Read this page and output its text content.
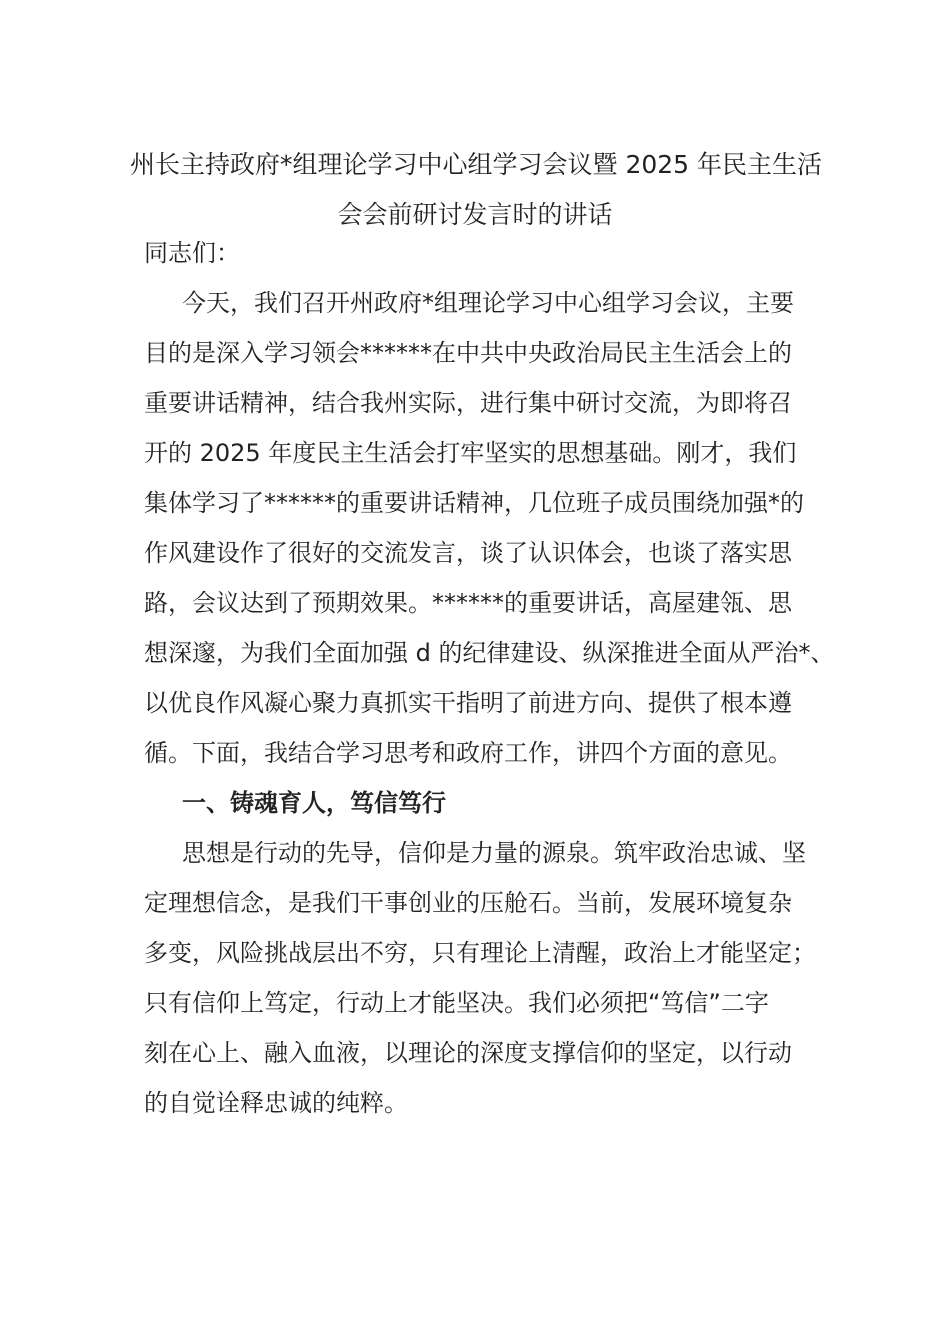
州长主持政府*组理论学习中心组学习会议暨 2025 年民主生活
会会前研讨发言时的讲话

同志们：

今天，我们召开州政府*组理论学习中心组学习会议，主要
目的是深入学习领会******在中共中央政治局民主生活会上的
重要讲话精神，结合我州实际，进行集中研讨交流，为即将召
开的 2025 年度民主生活会打牢坚实的思想基础。刚才，我们
集体学习了******的重要讲话精神，几位班子成员围绕加强*的
作风建设作了很好的交流发言，谈了认识体会，也谈了落实思
路，会议达到了预期效果。******的重要讲话，高屋建瓴、思
想深邃，为我们全面加强 d 的纪律建设、纵深推进全面从严治*、
以优良作风凝心聚力真抓实干指明了前进方向、提供了根本遵
循。下面，我结合学习思考和政府工作，讲四个方面的意见。

一、铸魂育人，笃信笃行

思想是行动的先导，信仰是力量的源泉。筑牢政治忠诚、坚
定理想信念，是我们干事创业的压舱石。当前，发展环境复杂
多变，风险挑战层出不穷，只有理论上清醒，政治上才能坚定；
只有信仰上笃定，行动上才能坚决。我们必须把“笃信”二字
刻在心上、融入血液，以理论的深度支撑信仰的坚定，以行动
的自觉诠释忠诚的纯粹。
